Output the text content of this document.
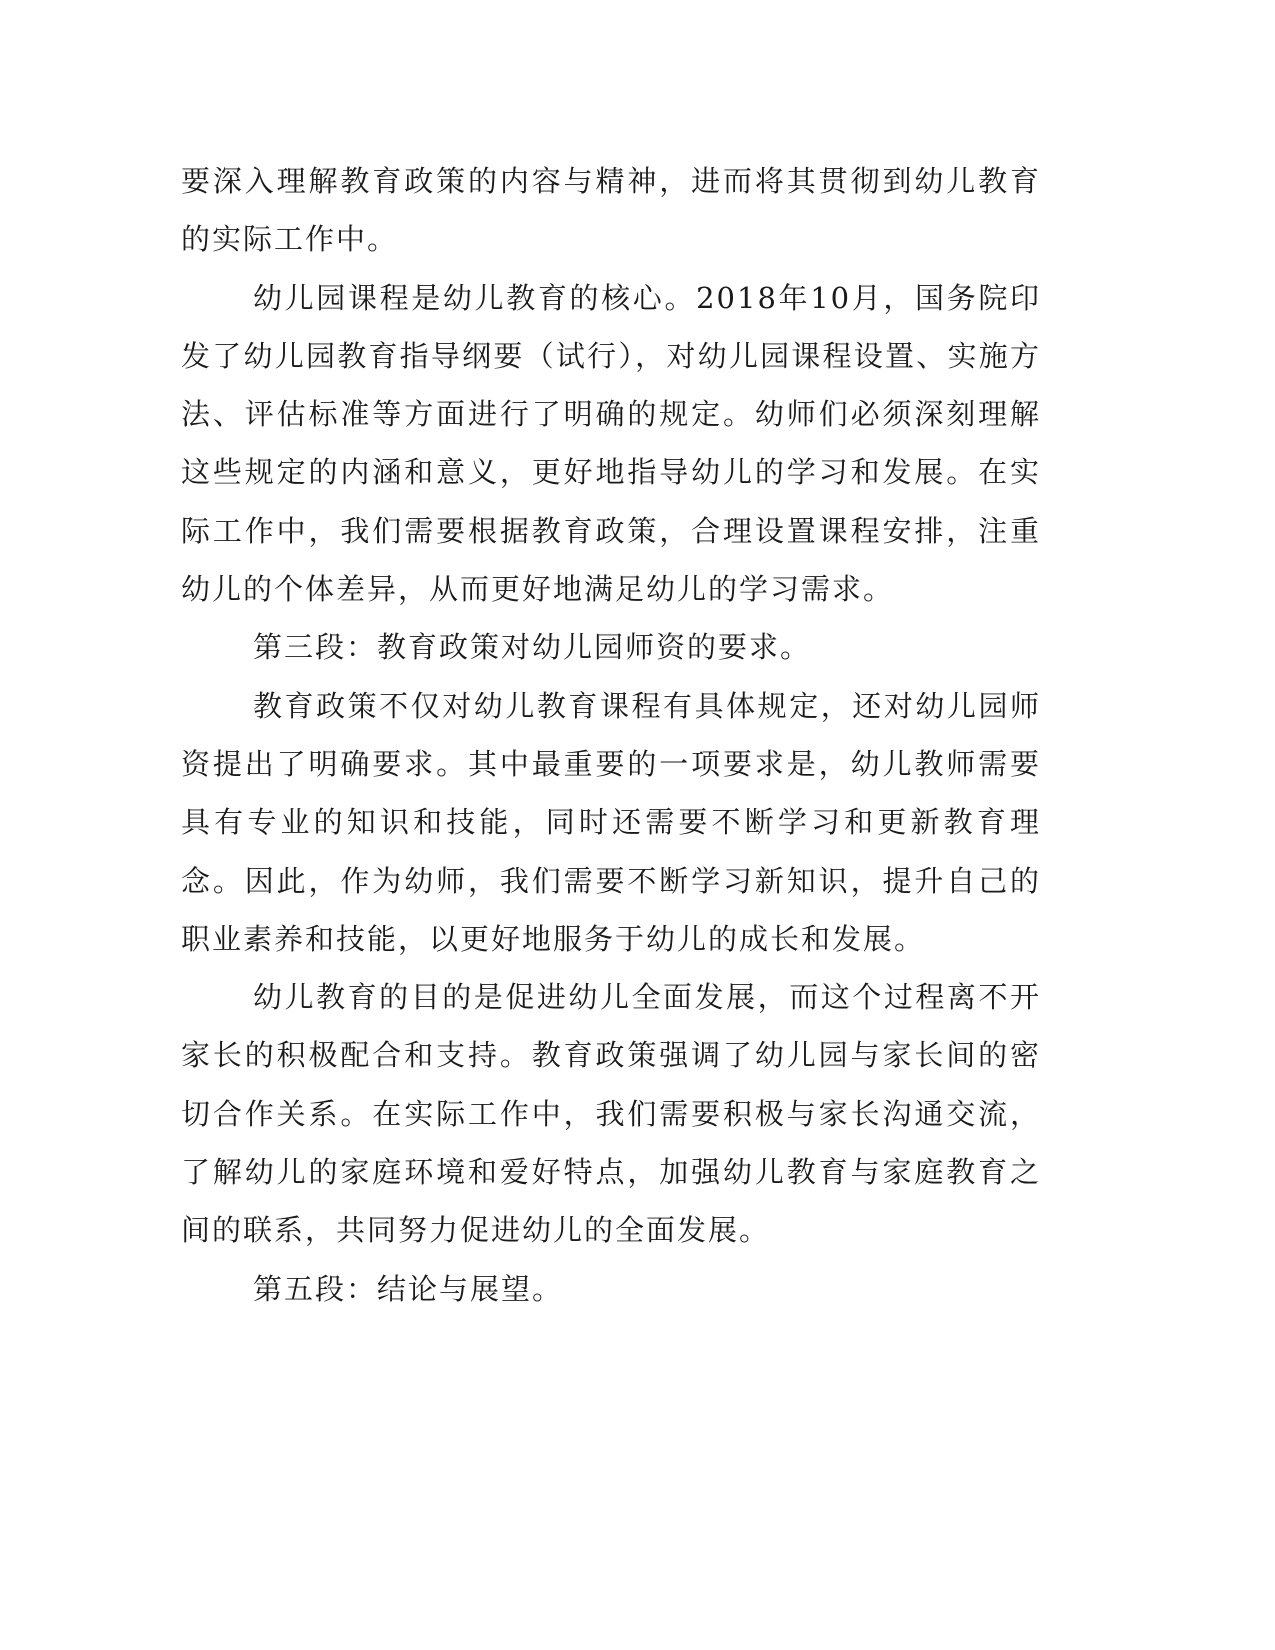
要深入理解教育政策的内容与精神，进而将其贯彻到幼儿教育的实际工作中。

幼儿园课程是幼儿教育的核心。2018年10月，国务院印发了幼儿园教育指导纲要（试行），对幼儿园课程设置、实施方法、评估标准等方面进行了明确的规定。幼师们必须深刻理解这些规定的内涵和意义，更好地指导幼儿的学习和发展。在实际工作中，我们需要根据教育政策，合理设置课程安排，注重幼儿的个体差异，从而更好地满足幼儿的学习需求。

第三段：教育政策对幼儿园师资的要求。

教育政策不仅对幼儿教育课程有具体规定，还对幼儿园师资提出了明确要求。其中最重要的一项要求是，幼儿教师需要具有专业的知识和技能，同时还需要不断学习和更新教育理念。因此，作为幼师，我们需要不断学习新知识，提升自己的职业素养和技能，以更好地服务于幼儿的成长和发展。

幼儿教育的目的是促进幼儿全面发展，而这个过程离不开家长的积极配合和支持。教育政策强调了幼儿园与家长间的密切合作关系。在实际工作中，我们需要积极与家长沟通交流，了解幼儿的家庭环境和爱好特点，加强幼儿教育与家庭教育之间的联系，共同努力促进幼儿的全面发展。

第五段：结论与展望。
